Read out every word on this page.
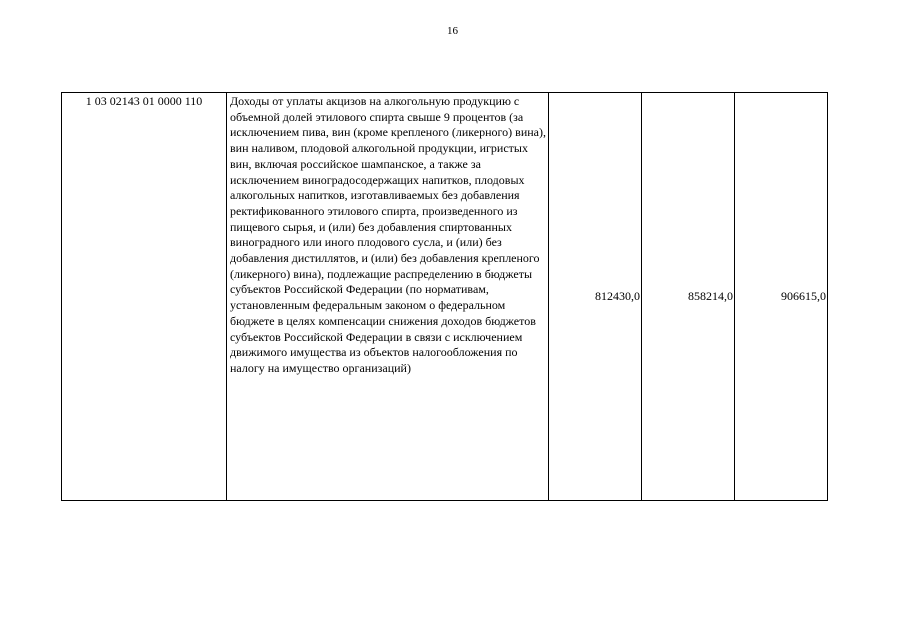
16
1 03 02143 01 0000 110	Доходы от уплаты акцизов на алкогольную продукцию с объемной долей этилового спирта свыше 9 процентов (за исключением пива, вин (кроме крепленого (ликерного) вина), вин наливом, плодовой алкогольной продукции, игристых вин, включая российское шампанское, а также за исключением виноградосодержащих напитков, плодовых алкогольных напитков, изготавливаемых без добавления ректификованного этилового спирта, произведенного из пищевого сырья, и (или) без добавления спиртованных виноградного или иного плодового сусла, и (или) без добавления дистиллятов, и (или) без добавления крепленого (ликерного) вина), подлежащие распределению в бюджеты субъектов Российской Федерации (по нормативам, установленным федеральным законом о федеральном бюджете в целях компенсации снижения доходов бюджетов субъектов Российской Федерации в связи с исключением движимого имущества из объектов налогообложения по налогу на имущество организаций)	812430,0	858214,0	906615,0
